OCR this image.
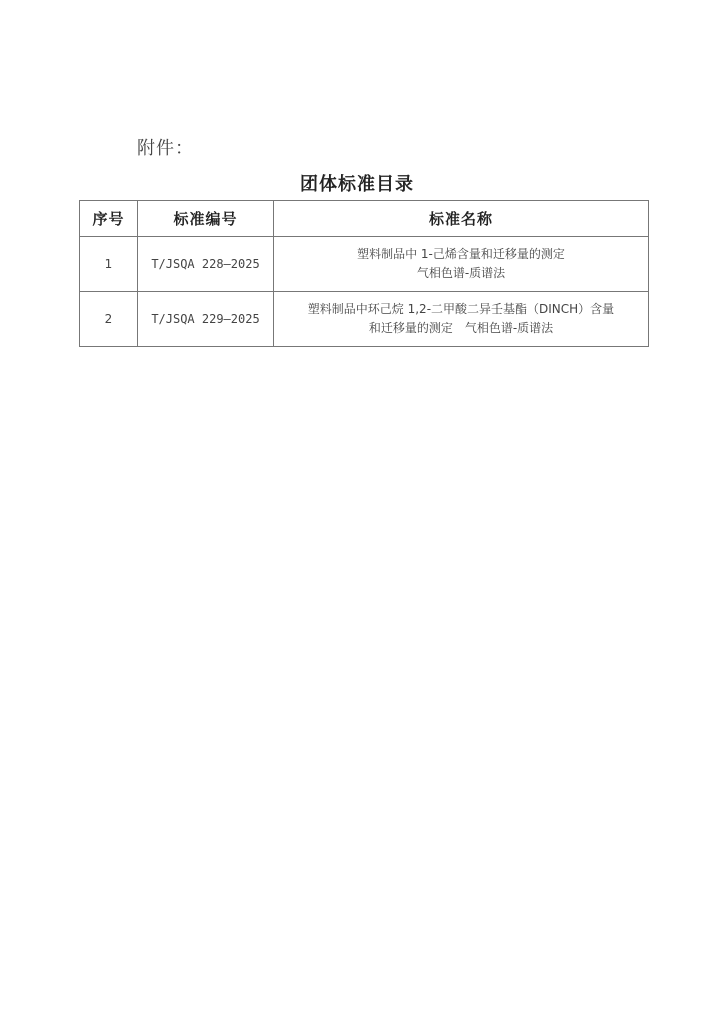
附件：
团体标准目录
序号	标准编号	标准名称
1	T/JSQA 228—2025	塑料制品中 1-己烯含量和迁移量的测定
气相色谱-质谱法

2	T/JSQA 229—2025	塑料制品中环己烷 1,2-二甲酸二异壬基酯（DINCH）含量
和迁移量的测定　气相色谱-质谱法
